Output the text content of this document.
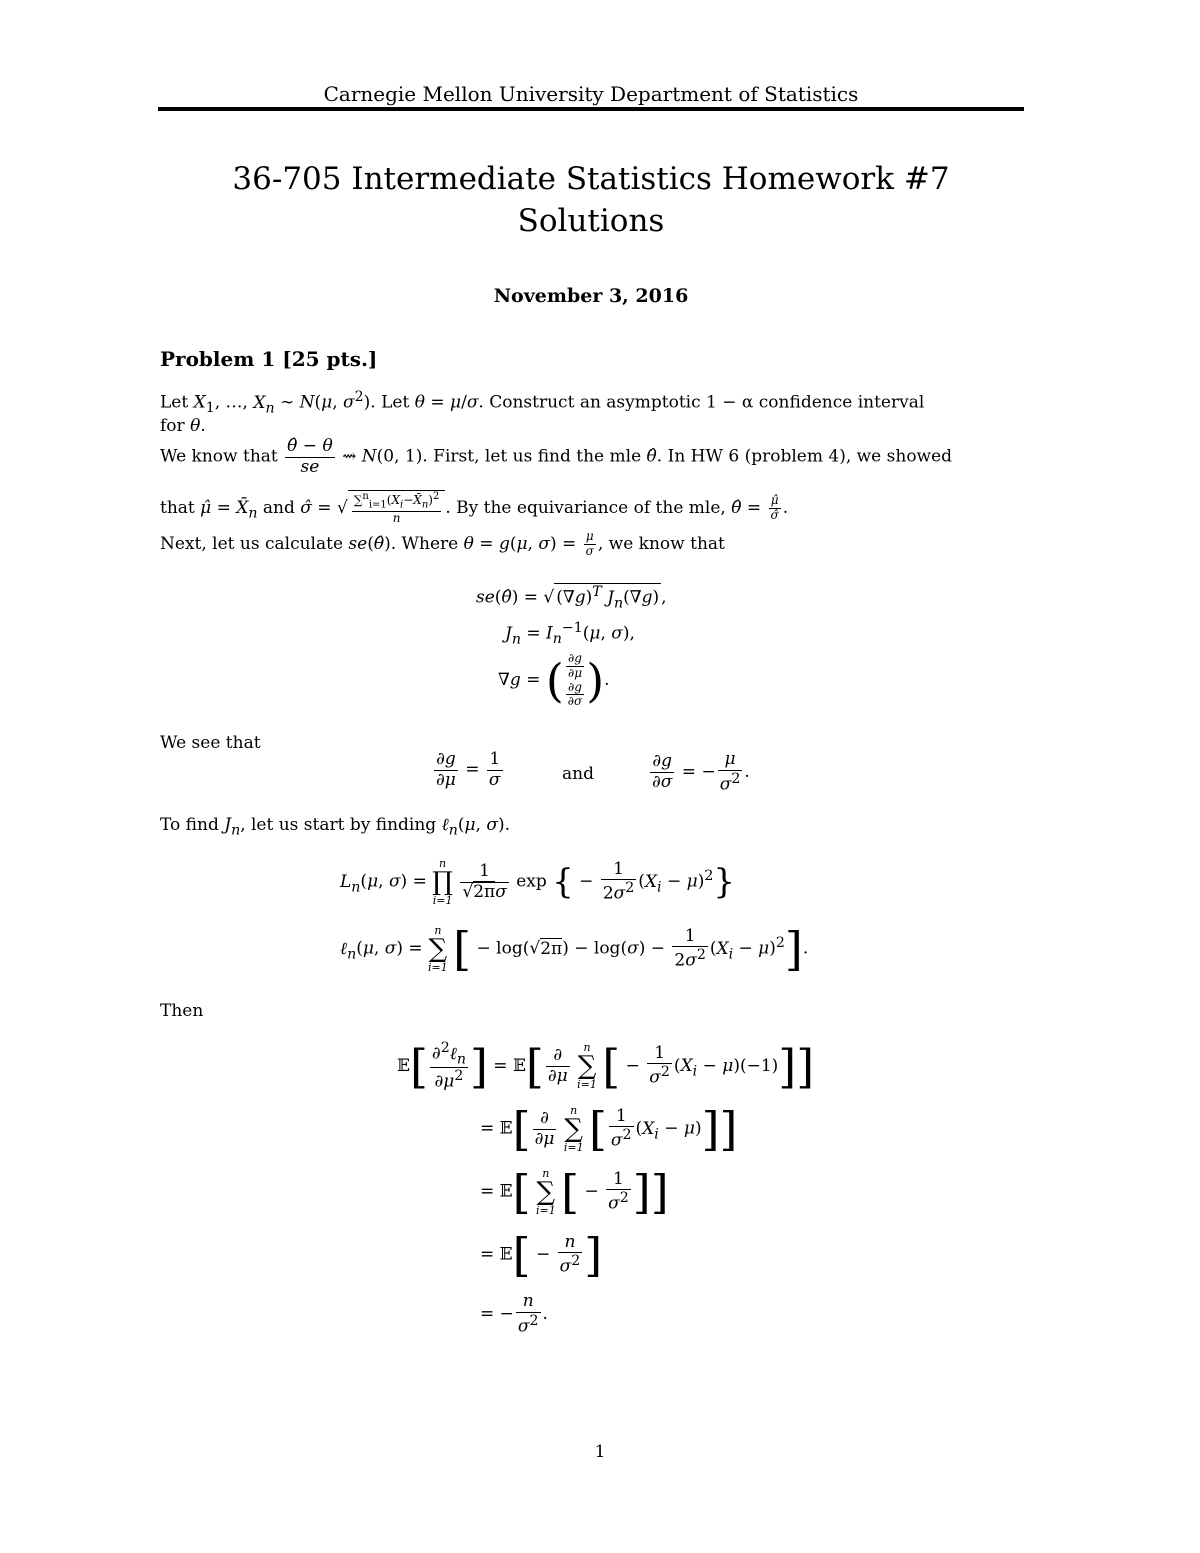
Carnegie Mellon University Department of Statistics
36-705 Intermediate Statistics Homework #7
Solutions
November 3, 2016
Problem 1 [25 pts.]
Let $X_1$, …, $X_n$ ∼ N(μ, $\sigma^2$). Let θ = μ/σ. Construct an asymptotic 1 − α confidence interval
for θ.
We know that $\frac{\thetâ - \theta}{se}$ ⇝ N(0, 1). First, let us find the mle θ̂. In HW 6 (problem 4), we showed
that μ̂ = $X̄_n$ and σ̂ = √ $\frac{\sum^n_{i=1}(X_i-X̄_n)^2}{n}$ . By the equivariance of the mle, θ̂ = $\frac{\mû}{\sigmâ}$ .
Next, let us calculate se(θ̂). Where θ = g(μ, $\sigma) = \frac{\mu}{\sigma}$ , we know that
se(θ̂) = √ $(\nabla g)^T$ $J_n(\nabla g)$ ,
$J_n = I_n^{-1}(\mu$, σ),
∇g = ( $\frac{\partial g}{\partial\mu}$

$\frac{\partial g}{\partial\sigma}$ ).
We see that
$\frac{\partial g}{\partial\mu} = \frac{1}{\sigma}$	and	$\frac{\partial g}{\partial\sigma}$ = − $\frac{\mu}{\sigma^2}$ .
To find $J_n$, let us start by finding ℓ$_n$(μ, σ).
$L_n(\mu$, σ) =
n
∏
i=1
$\frac{1}{√2\pi\sigma}$ exp { − $\frac{1}{2\sigma^2} (X_i - \mu)^2$}
ℓ$_n$(μ, σ) =
n
∑
i=1 [ − $\log(√2\pi) - \log(\sigma) - \frac{1}{2\sigma^2} (X_i - \mu)^2$].
Then
𝔼[ $\frac{\partial^2\ell_n}{\partial\mu^2}$ ] = 𝔼[ $\frac{\partial}{\partial\mu}$
	n
∑
i=1 [ − $\frac{1}{\sigma^2} (X_i - \mu)(-1)$]]
= 𝔼[ $\frac{\partial}{\partial\mu}$
	n
∑
i=1 [ $\frac{1}{\sigma^2} (X_i - \mu)$]]
= 𝔼[	n
∑
i=1 [ − $\frac{1}{\sigma^2}$ ]]
= 𝔼[ − $\frac{n}{\sigma^2}$ ]
= − $\frac{n}{\sigma^2}$ .
1
